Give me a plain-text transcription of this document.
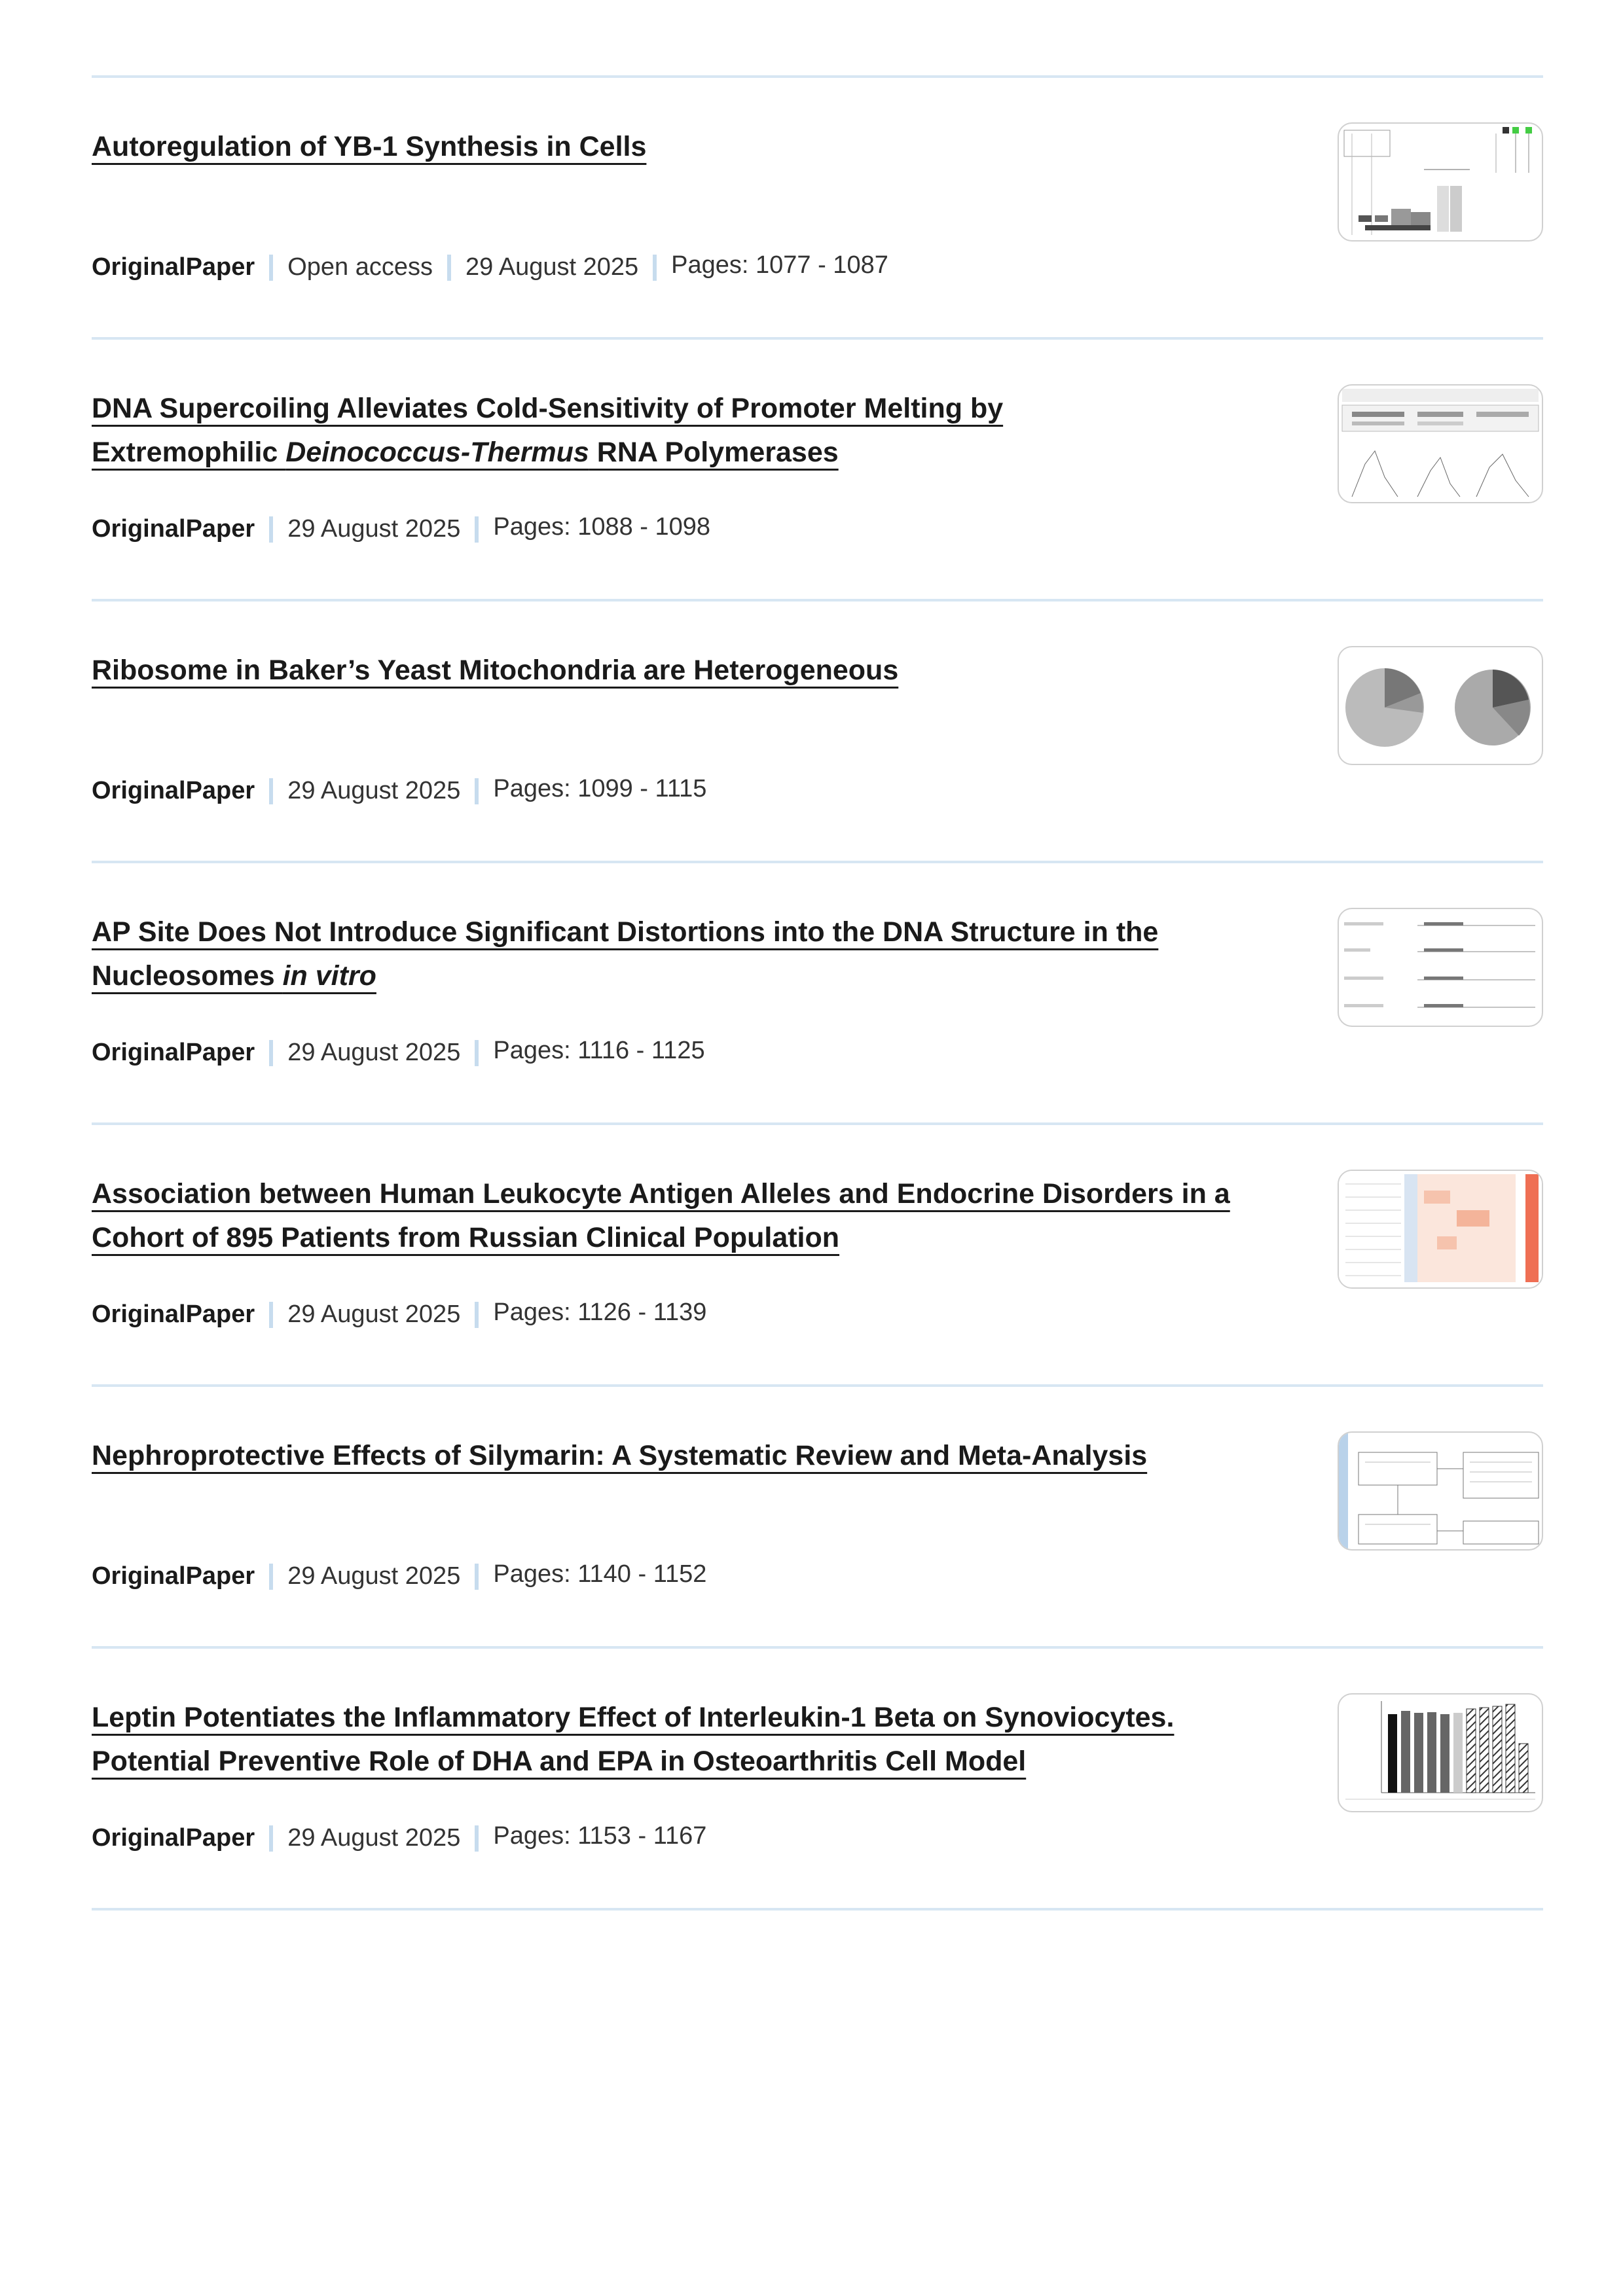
Autoregulation of YB-1 Synthesis in Cells
OriginalPaper Open access 29 August 2025 Pages: 1077 - 1087
DNA Supercoiling Alleviates Cold-Sensitivity of Promoter Melting by
Extremophilic Deinococcus-Thermus RNA Polymerases
OriginalPaper 29 August 2025 Pages: 1088 - 1098
Ribosome in Baker’s Yeast Mitochondria are Heterogeneous
OriginalPaper 29 August 2025 Pages: 1099 - 1115
AP Site Does Not Introduce Significant Distortions into the DNA Structure in the
Nucleosomes in vitro
OriginalPaper 29 August 2025 Pages: 1116 - 1125
Association between Human Leukocyte Antigen Alleles and Endocrine Disorders in a
Cohort of 895 Patients from Russian Clinical Population
OriginalPaper 29 August 2025 Pages: 1126 - 1139
Nephroprotective Effects of Silymarin: A Systematic Review and Meta-Analysis
OriginalPaper 29 August 2025 Pages: 1140 - 1152
Leptin Potentiates the Inflammatory Effect of Interleukin-1 Beta on Synoviocytes.
Potential Preventive Role of DHA and EPA in Osteoarthritis Cell Model
OriginalPaper 29 August 2025 Pages: 1153 - 1167
